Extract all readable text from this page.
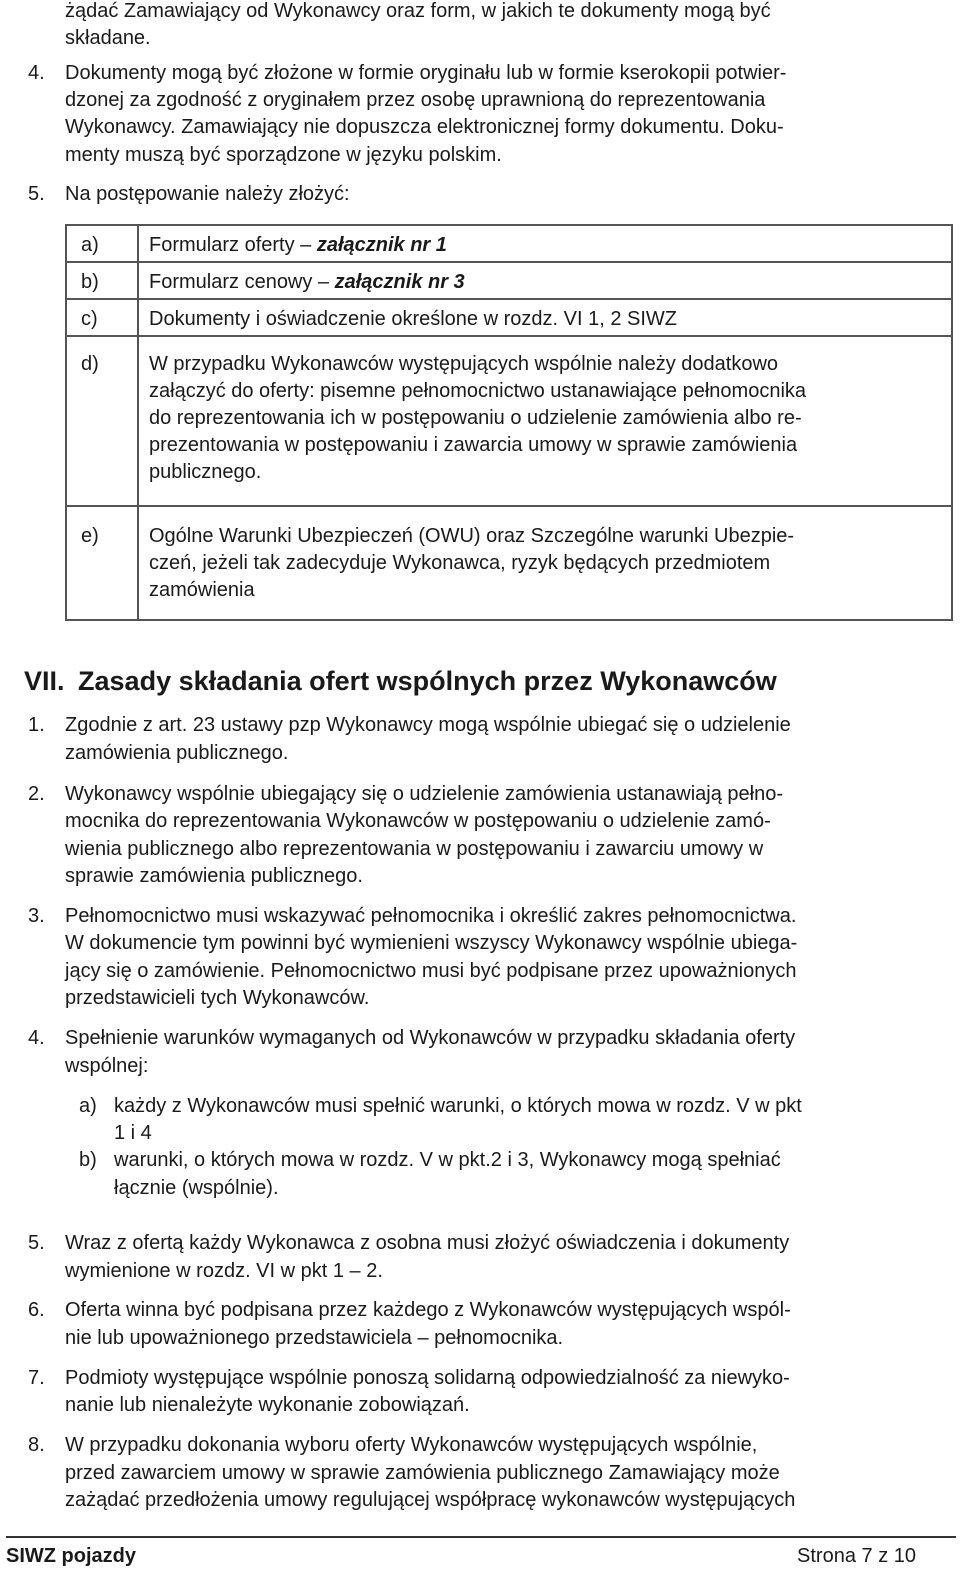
żądać Zamawiający od Wykonawcy oraz form, w jakich te dokumenty mogą być
składane.
4. Dokumenty mogą być złożone w formie oryginału lub w formie kserokopii potwier-
dzonej za zgodność z oryginałem przez osobę uprawnioną do reprezentowania
Wykonawcy. Zamawiający nie dopuszcza elektronicznej formy dokumentu. Doku-
menty muszą być sporządzone w języku polskim.
5. Na postępowanie należy złożyć:
a)	Formularz oferty – załącznik nr 1
b)	Formularz cenowy – załącznik nr 3
c)	Dokumenty i oświadczenie określone w rozdz. VI 1, 2 SIWZ
d)	W przypadku Wykonawców występujących wspólnie należy dodatkowo
załączyć do oferty: pisemne pełnomocnictwo ustanawiające pełnomocnika
do reprezentowania ich w postępowaniu o udzielenie zamówienia albo re-
prezentowania w postępowaniu i zawarcia umowy w sprawie zamówienia
publicznego.

e)	Ogólne Warunki Ubezpieczeń (OWU) oraz Szczególne warunki Ubezpie-
czeń, jeżeli tak zadecyduje Wykonawca, ryzyk będących przedmiotem
zamówienia
VII. Zasady składania ofert wspólnych przez Wykonawców
1. Zgodnie z art. 23 ustawy pzp Wykonawcy mogą wspólnie ubiegać się o udzielenie
zamówienia publicznego.
2. Wykonawcy wspólnie ubiegający się o udzielenie zamówienia ustanawiają pełno-
mocnika do reprezentowania Wykonawców w postępowaniu o udzielenie zamó-
wienia publicznego albo reprezentowania w postępowaniu i zawarciu umowy w
sprawie zamówienia publicznego.
3. Pełnomocnictwo musi wskazywać pełnomocnika i określić zakres pełnomocnictwa.
W dokumencie tym powinni być wymienieni wszyscy Wykonawcy wspólnie ubiega-
jący się o zamówienie. Pełnomocnictwo musi być podpisane przez upoważnionych
przedstawicieli tych Wykonawców.
4. Spełnienie warunków wymaganych od Wykonawców w przypadku składania oferty
wspólnej:
a) każdy z Wykonawców musi spełnić warunki, o których mowa w rozdz. V w pkt
1 i 4
b) warunki, o których mowa w rozdz. V w pkt.2 i 3, Wykonawcy mogą spełniać
łącznie (wspólnie).
5. Wraz z ofertą każdy Wykonawca z osobna musi złożyć oświadczenia i dokumenty
wymienione w rozdz. VI w pkt 1 – 2.
6. Oferta winna być podpisana przez każdego z Wykonawców występujących wspól-
nie lub upoważnionego przedstawiciela – pełnomocnika.
7. Podmioty występujące wspólnie ponoszą solidarną odpowiedzialność za niewyko-
nanie lub nienależyte wykonanie zobowiązań.
8. W przypadku dokonania wyboru oferty Wykonawców występujących wspólnie,
przed zawarciem umowy w sprawie zamówienia publicznego Zamawiający może
zażądać przedłożenia umowy regulującej współpracę wykonawców występujących
SIWZ pojazdy	Strona 7 z 10
